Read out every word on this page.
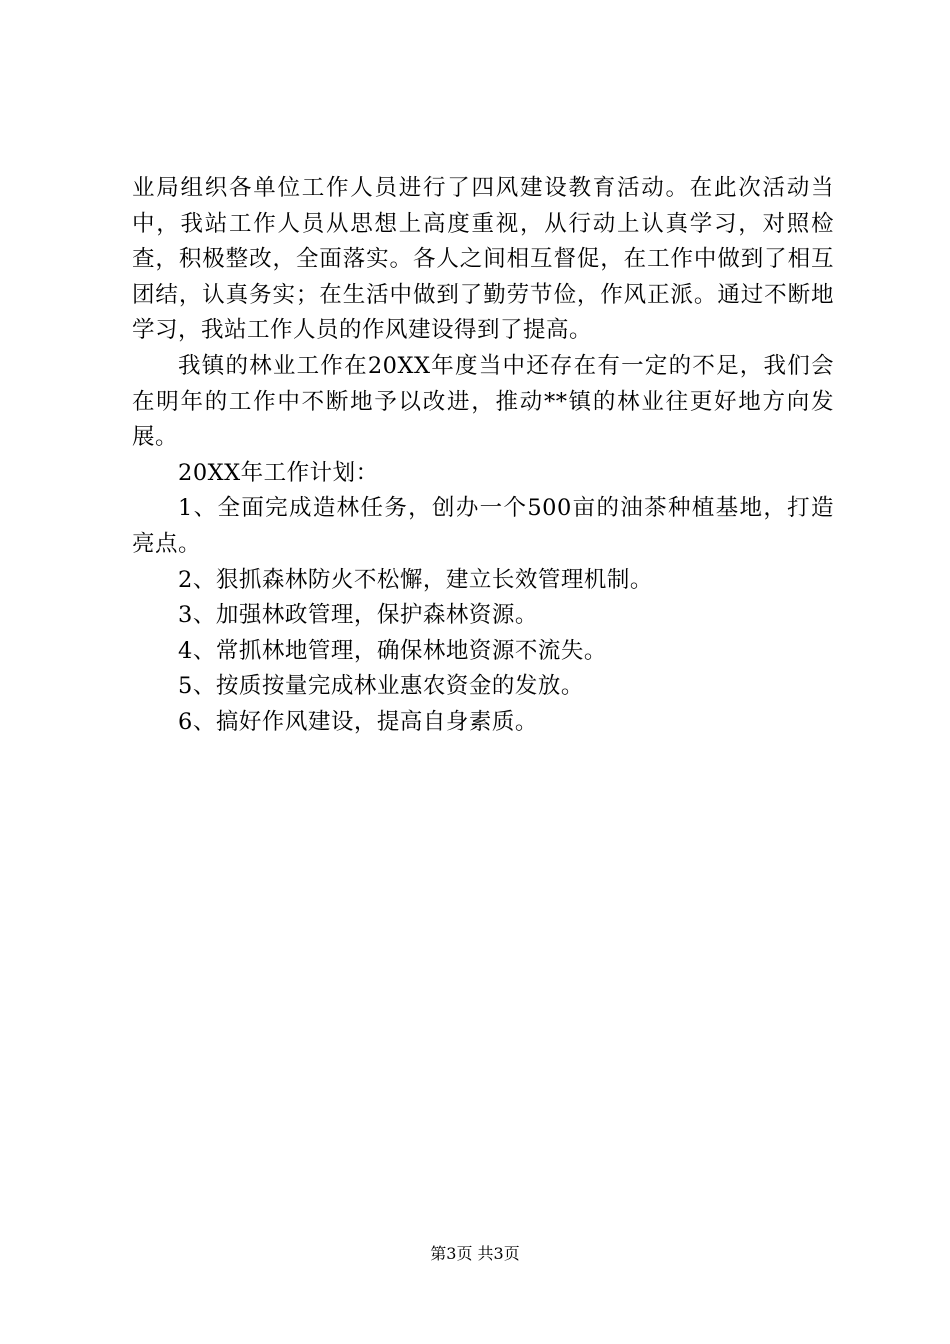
业局组织各单位工作人员进行了四风建设教育活动。在此次活动当中，我站工作人员从思想上高度重视，从行动上认真学习，对照检查，积极整改，全面落实。各人之间相互督促，在工作中做到了相互团结，认真务实；在生活中做到了勤劳节俭，作风正派。通过不断地学习，我站工作人员的作风建设得到了提高。

我镇的林业工作在20XX年度当中还存在有一定的不足，我们会在明年的工作中不断地予以改进，推动**镇的林业往更好地方向发展。

20XX年工作计划：

1、全面完成造林任务，创办一个500亩的油茶种植基地，打造亮点。

2、狠抓森林防火不松懈，建立长效管理机制。

3、加强林政管理，保护森林资源。

4、常抓林地管理，确保林地资源不流失。

5、按质按量完成林业惠农资金的发放。

6、搞好作风建设，提高自身素质。

第3页 共3页
